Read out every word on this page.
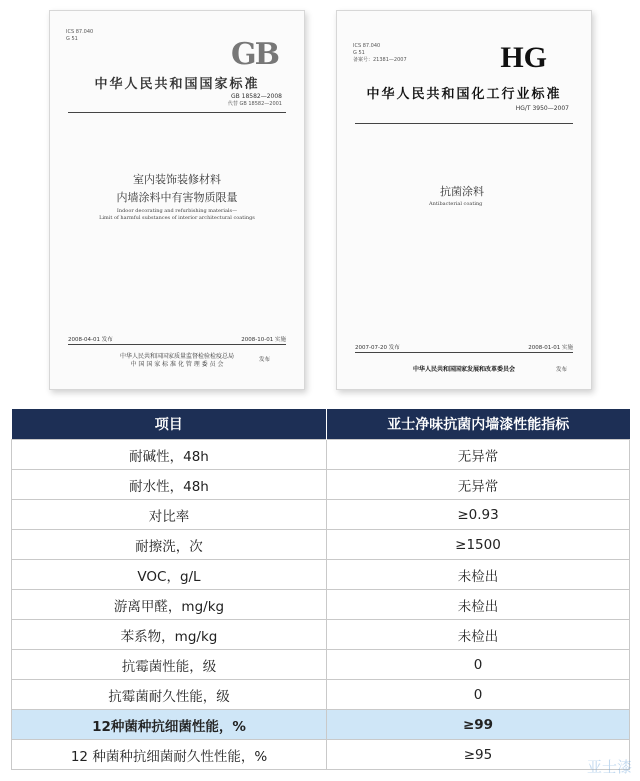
ICS 87.040
G 51	GB
中华人民共和国国家标准
GB 18582—2008
代替 GB 18582—2001
室内装饰装修材料
内墙涂料中有害物质限量
Indoor decorating and refurbishing materials—
Limit of harmful substances of interior architectural coatings
2008-04-01 发布	2008-10-01 实施
中华人民共和国国家质量监督检验检疫总局
中 国 国 家 标 准 化 管 理 委 员 会
发布
ICS 87.040
G 51
备案号：21381—2007	HG
中华人民共和国化工行业标准
HG/T 3950—2007
抗菌涂料
Antibacterial coating
2007-07-20 发布	2008-01-01 实施
中华人民共和国国家发展和改革委员会	发布
项目	亚士净味抗菌内墙漆性能指标
耐碱性，48h	无异常
耐水性，48h	无异常
对比率	≥0.93
耐擦洗，次	≥1500
VOC，g/L	未检出
游离甲醛，mg/kg	未检出
苯系物，mg/kg	未检出
抗霉菌性能，级	0
抗霉菌耐久性能，级	0
12种菌种抗细菌性能，%	≥99
12 种菌种抗细菌耐久性性能，%	≥95
亚士漆
